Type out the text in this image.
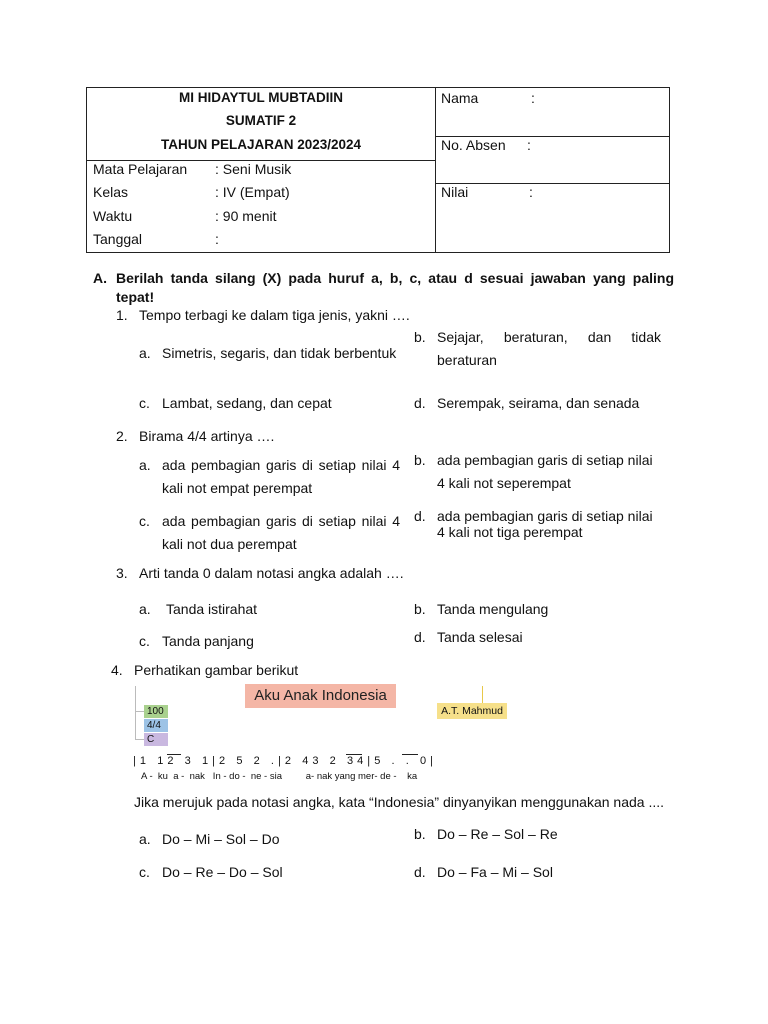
MI HIDAYTUL MUBTADIIN
SUMATIF 2
TAHUN PELAJARAN 2023/2024
Mata Pelajaran : Seni Musik
Kelas	: IV (Empat)
Waktu	: 90 menit
Tanggal	:
Nama	:
No. Absen :
Nilai	:
A. Berilah tanda silang (X) pada huruf a, b, c, atau d sesuai jawaban yang paling
tepat!
1. Tempo terbagi ke dalam tiga jenis, yakni ….
a. Simetris, segaris, dan tidak berbentuk
b. Sejajar, beraturan, dan tidak
beraturan
c. Lambat, sedang, dan cepat	d. Serempak, seirama, dan senada
2. Birama 4/4 artinya ….
a. ada pembagian garis di setiap nilai 4
kali not empat perempat
b. ada pembagian garis di setiap nilai
4 kali not seperempat
c. ada pembagian garis di setiap nilai 4
kali not dua perempat
d. ada pembagian garis di setiap nilai
4 kali not tiga perempat
3. Arti tanda 0 dalam notasi angka adalah ….
a. Tanda istirahat	b. Tanda mengulang
c. Tanda panjang	d. Tanda selesai
4. Perhatikan gambar berikut
Aku Anak Indonesia
A.T. Mahmud
100
4/4
C
| 1   1 2   3   1 | 2   5   2   . | 2   4 3   2   3 4 | 5   .   .   0 |
A -  ku  a -  nak   In - do -  ne - sia         a- nak yang mer- de -    ka
Jika merujuk pada notasi angka, kata “Indonesia” dinyanyikan menggunakan nada ....
a. Do – Mi – Sol – Do	b. Do – Re – Sol – Re
c. Do – Re – Do – Sol	d. Do – Fa – Mi – Sol
